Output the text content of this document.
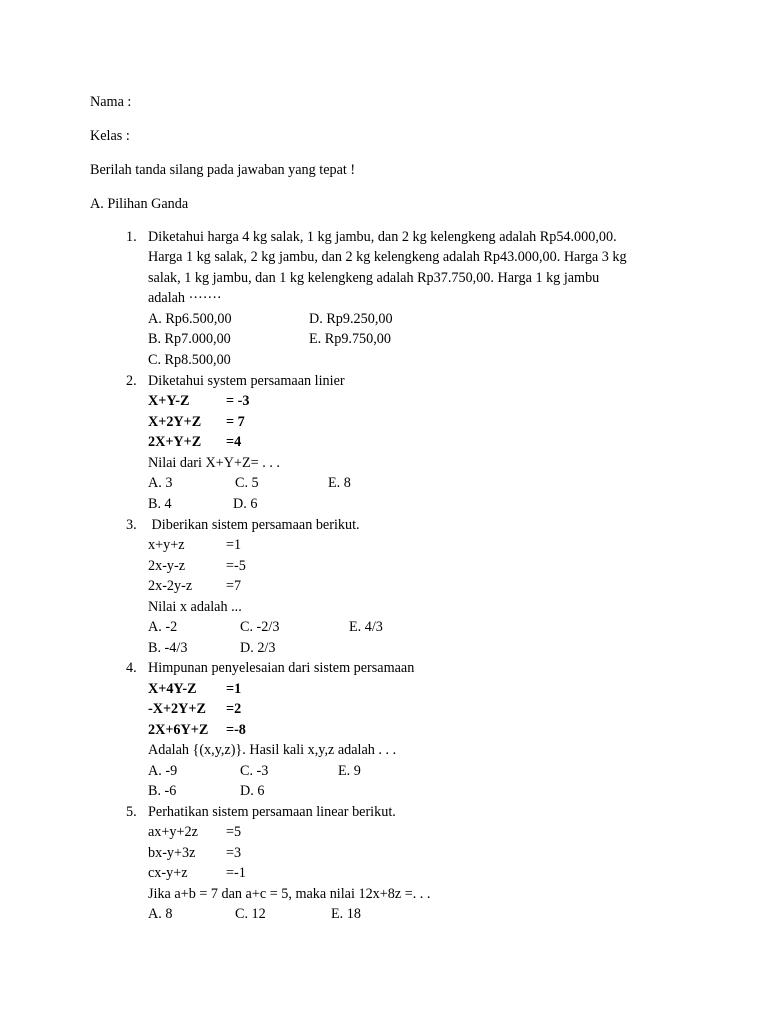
Nama :
Kelas :
Berilah tanda silang pada jawaban yang tepat !
A. Pilihan Ganda
1. Diketahui harga 4 kg salak, 1 kg jambu, dan 2 kg kelengkeng adalah Rp54.000,00.
Harga 1 kg salak, 2 kg jambu, dan 2 kg kelengkeng adalah Rp43.000,00. Harga 3 kg
salak, 1 kg jambu, dan 1 kg kelengkeng adalah Rp37.750,00. Harga 1 kg jambu
adalah ·······
A. Rp6.500,00	D. Rp9.250,00
B. Rp7.000,00	E. Rp9.750,00
C. Rp8.500,00
2. Diketahui system persamaan linier
X+Y-Z	= -3
X+2Y+Z = 7
2X+Y+Z =4
Nilai dari X+Y+Z= . . .
A. 3	C. 5	E. 8
B. 4	D. 6
3. Diberikan sistem persamaan berikut.
x+y+z	=1
2x-y-z	=-5
2x-2y-z =7
Nilai x adalah ...
A. -2	C. -2/3	E. 4/3
B. -4/3	D. 2/3
4. Himpunan penyelesaian dari sistem persamaan
X+4Y-Z =1
-X+2Y+Z =2
2X+6Y+Z =-8
Adalah {(x,y,z)}. Hasil kali x,y,z adalah . . .
A. -9	C. -3	E. 9
B. -6	D. 6
5. Perhatikan sistem persamaan linear berikut.
ax+y+2z =5
bx-y+3z =3
cx-y+z	=-1
Jika a+b = 7 dan a+c = 5, maka nilai 12x+8z =. . .
A. 8	C. 12	E. 18
